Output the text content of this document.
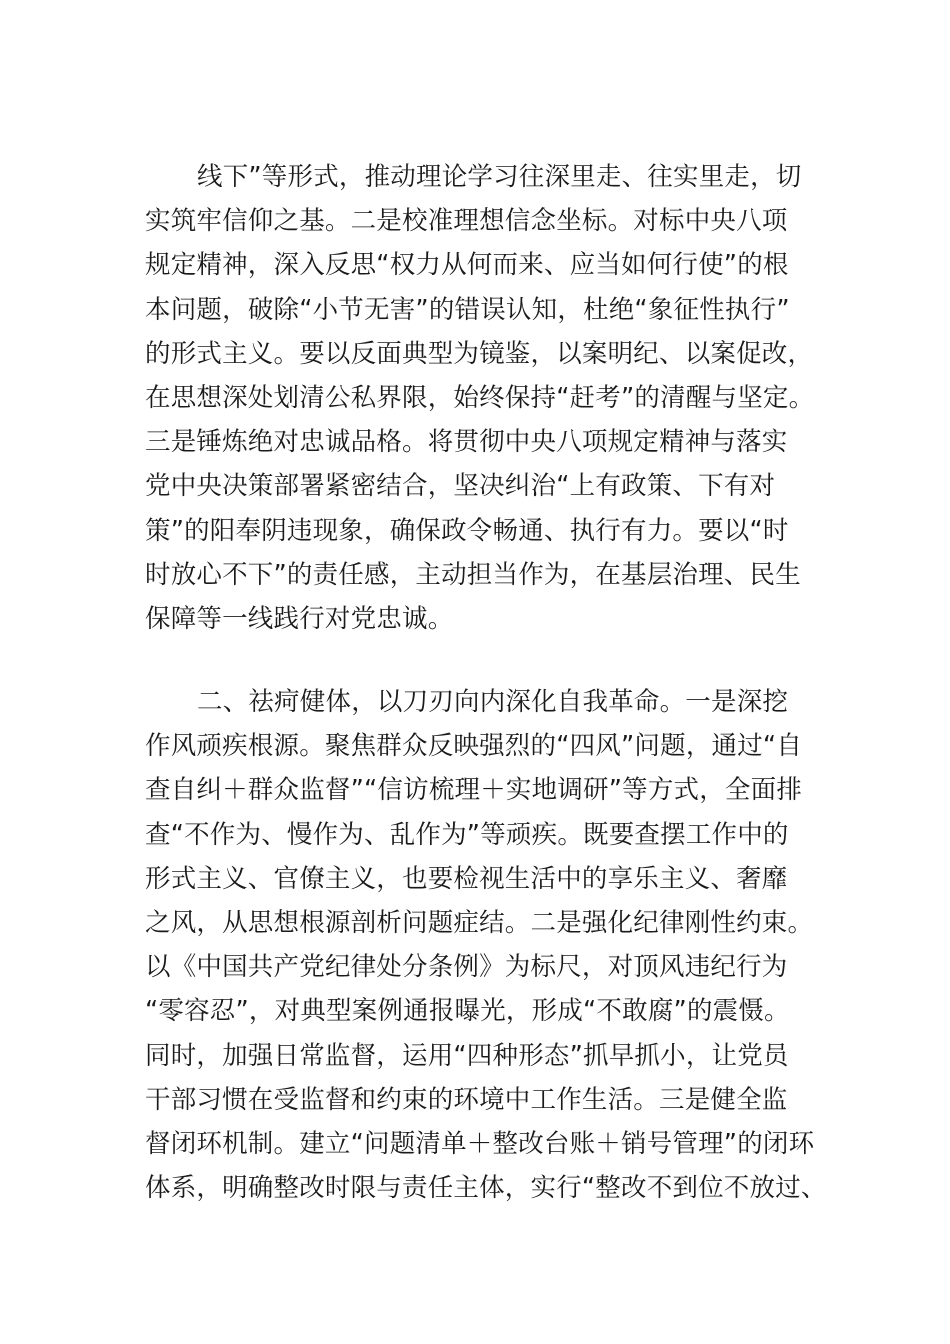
线下”等形式，推动理论学习往深里走、往实里走，切
实筑牢信仰之基。二是校准理想信念坐标。对标中央八项
规定精神，深入反思“权力从何而来、应当如何行使”的根
本问题，破除“小节无害”的错误认知，杜绝“象征性执行”
的形式主义。要以反面典型为镜鉴，以案明纪、以案促改，
在思想深处划清公私界限，始终保持“赶考”的清醒与坚定。
三是锤炼绝对忠诚品格。将贯彻中央八项规定精神与落实
党中央决策部署紧密结合，坚决纠治“上有政策、下有对
策”的阳奉阴违现象，确保政令畅通、执行有力。要以“时
时放心不下”的责任感，主动担当作为，在基层治理、民生
保障等一线践行对党忠诚。
二、祛疴健体，以刀刃向内深化自我革命。一是深挖
作风顽疾根源。聚焦群众反映强烈的“四风”问题，通过“自
查自纠＋群众监督”“信访梳理＋实地调研”等方式，全面排
查“不作为、慢作为、乱作为”等顽疾。既要查摆工作中的
形式主义、官僚主义，也要检视生活中的享乐主义、奢靡
之风，从思想根源剖析问题症结。二是强化纪律刚性约束。
以《中国共产党纪律处分条例》为标尺，对顶风违纪行为
“零容忍”，对典型案例通报曝光，形成“不敢腐”的震慑。
同时，加强日常监督，运用“四种形态”抓早抓小，让党员
干部习惯在受监督和约束的环境中工作生活。三是健全监
督闭环机制。建立“问题清单＋整改台账＋销号管理”的闭环
体系，明确整改时限与责任主体，实行“整改不到位不放过、
